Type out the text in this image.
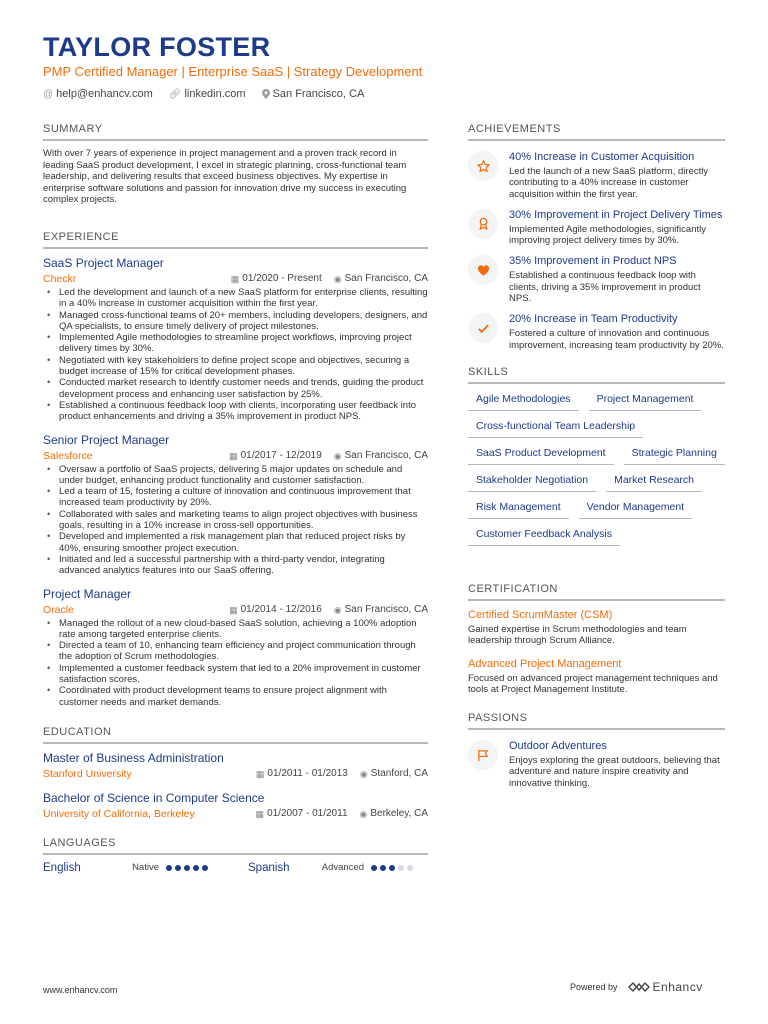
TAYLOR FOSTER
PMP Certified Manager | Enterprise SaaS | Strategy Development
@ help@enhancv.com 🔗︎ linkedin.com San Francisco, CA
SUMMARY
With over 7 years of experience in project management and a proven track record in leading SaaS product development, I excel in strategic planning, cross-functional team leadership, and delivering results that exceed business objectives. My expertise in enterprise software solutions and passion for innovation drive my success in executing complex projects.
EXPERIENCE
SaaS Project Manager
Checkr	▦ 01/2020 - Present ◉ San Francisco, CA
• Led the development and launch of a new SaaS platform for enterprise clients, resulting in a 40% increase in customer acquisition within the first year.
• Managed cross-functional teams of 20+ members, including developers, designers, and QA specialists, to ensure timely delivery of project milestones.
• Implemented Agile methodologies to streamline project workflows, improving project delivery times by 30%.
• Negotiated with key stakeholders to define project scope and objectives, securing a budget increase of 15% for critical development phases.
• Conducted market research to identify customer needs and trends, guiding the product development process and enhancing user satisfaction by 25%.
• Established a continuous feedback loop with clients, incorporating user feedback into product enhancements and driving a 35% improvement in product NPS.
Senior Project Manager
Salesforce	▦ 01/2017 - 12/2019 ◉ San Francisco, CA
• Oversaw a portfolio of SaaS projects, delivering 5 major updates on schedule and under budget, enhancing product functionality and customer satisfaction.
• Led a team of 15, fostering a culture of innovation and continuous improvement that increased team productivity by 20%.
• Collaborated with sales and marketing teams to align project objectives with business goals, resulting in a 10% increase in cross-sell opportunities.
• Developed and implemented a risk management plan that reduced project risks by 40%, ensuring smoother project execution.
• Initiated and led a successful partnership with a third-party vendor, integrating advanced analytics features into our SaaS offering.
Project Manager
Oracle	▦ 01/2014 - 12/2016 ◉ San Francisco, CA
• Managed the rollout of a new cloud-based SaaS solution, achieving a 100% adoption rate among targeted enterprise clients.
• Directed a team of 10, enhancing team efficiency and project communication through the adoption of Scrum methodologies.
• Implemented a customer feedback system that led to a 20% improvement in customer satisfaction scores.
• Coordinated with product development teams to ensure project alignment with customer needs and market demands.
EDUCATION
Master of Business Administration
Stanford University	▦ 01/2011 - 01/2013 ◉ Stanford, CA
Bachelor of Science in Computer Science
University of California, Berkeley	▦ 01/2007 - 01/2011 ◉ Berkeley, CA
LANGUAGES
English	Native	Spanish	Advanced
ACHIEVEMENTS
40% Increase in Customer Acquisition
Led the launch of a new SaaS platform, directly contributing to a 40% increase in customer acquisition within the first year.
30% Improvement in Project Delivery Times
Implemented Agile methodologies, significantly improving project delivery times by 30%.
35% Improvement in Product NPS
Established a continuous feedback loop with clients, driving a 35% improvement in product NPS.
20% Increase in Team Productivity
Fostered a culture of innovation and continuous improvement, increasing team productivity by 20%.
SKILLS
Agile Methodologies	Project Management
Cross-functional Team Leadership
SaaS Product Development	Strategic Planning
Stakeholder Negotiation	Market Research
Risk Management	Vendor Management
Customer Feedback Analysis
CERTIFICATION
Certified ScrumMaster (CSM)
Gained expertise in Scrum methodologies and team leadership through Scrum Alliance.
Advanced Project Management
Focused on advanced project management techniques and tools at Project Management Institute.
PASSIONS
Outdoor Adventures
Enjoys exploring the great outdoors, believing that adventure and nature inspire creativity and innovative thinking.
www.enhancv.com	Powered by	Enhancv
